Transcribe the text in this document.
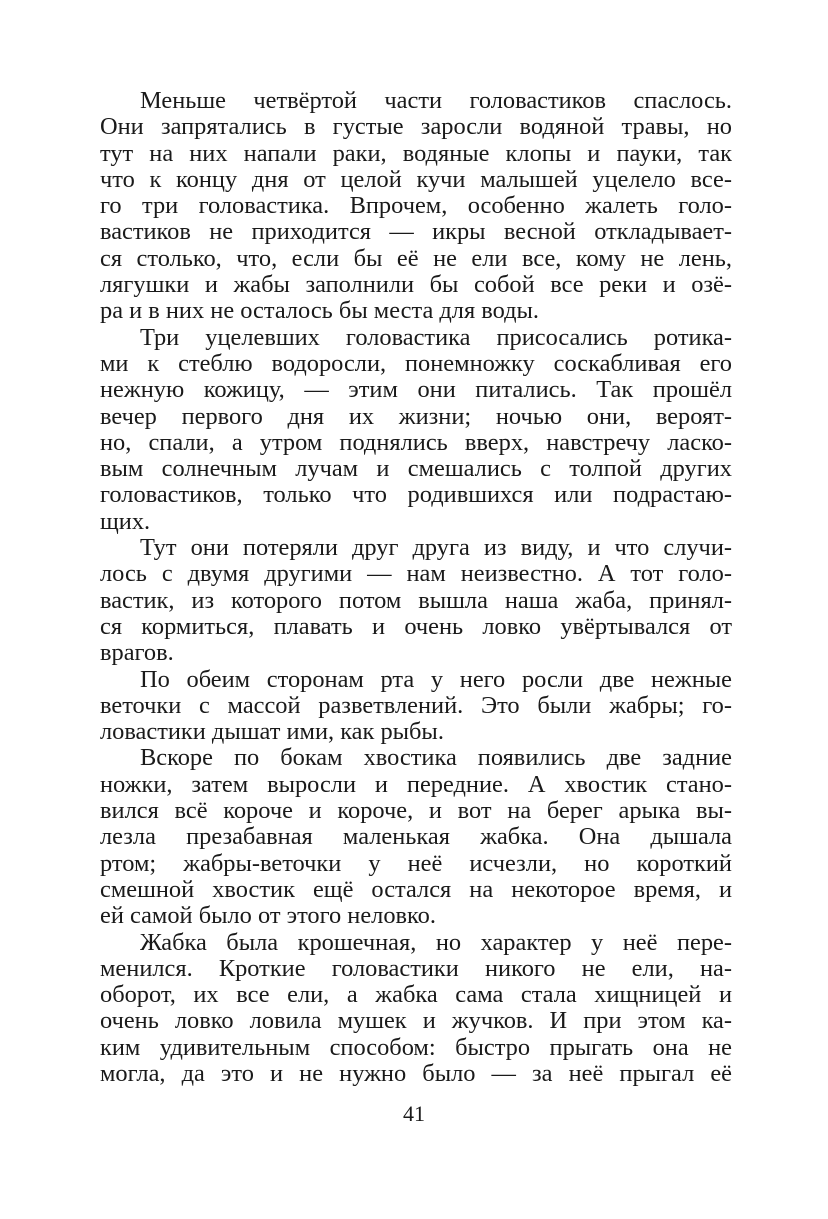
Меньше четвёртой части головастиков спаслось.
Они запрятались в густые заросли водяной травы, но
тут на них напали раки, водяные клопы и пауки, так
что к концу дня от целой кучи малышей уцелело все-
го три головастика. Впрочем, особенно жалеть голо-
вастиков не приходится — икры весной откладывает-
ся столько, что, если бы её не ели все, кому не лень,
лягушки и жабы заполнили бы собой все реки и озё-
ра и в них не осталось бы места для воды.
Три уцелевших головастика присосались ротика-
ми к стеблю водоросли, понемножку соскабливая его
нежную кожицу, — этим они питались. Так прошёл
вечер первого дня их жизни; ночью они, вероят-
но, спали, а утром поднялись вверх, навстречу ласко-
вым солнечным лучам и смешались с толпой других
головастиков, только что родившихся или подрастаю-
щих.
Тут они потеряли друг друга из виду, и что случи-
лось с двумя другими — нам неизвестно. А тот голо-
вастик, из которого потом вышла наша жаба, принял-
ся кормиться, плавать и очень ловко увёртывался от
врагов.
По обеим сторонам рта у него росли две нежные
веточки с массой разветвлений. Это были жабры; го-
ловастики дышат ими, как рыбы.
Вскоре по бокам хвостика появились две задние
ножки, затем выросли и передние. А хвостик стано-
вился всё короче и короче, и вот на берег арыка вы-
лезла презабавная маленькая жабка. Она дышала
ртом; жабры-веточки у неё исчезли, но короткий
смешной хвостик ещё остался на некоторое время, и
ей самой было от этого неловко.
Жабка была крошечная, но характер у неё пере-
менился. Кроткие головастики никого не ели, на-
оборот, их все ели, а жабка сама стала хищницей и
очень ловко ловила мушек и жучков. И при этом ка-
ким удивительным способом: быстро прыгать она не
могла, да это и не нужно было — за неё прыгал её
41
